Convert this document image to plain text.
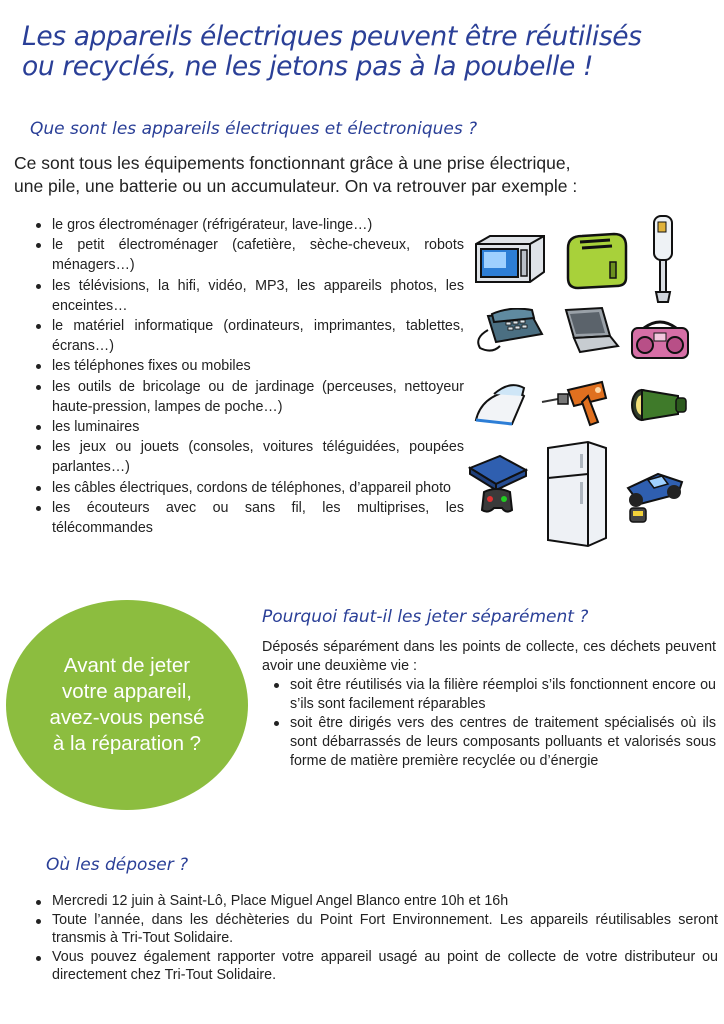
Les appareils électriques peuvent être réutilisés
ou recyclés, ne les jetons pas à la poubelle !
Que sont les appareils électriques et électroniques ?
Ce sont tous les équipements fonctionnant grâce à une prise électrique,
une pile, une batterie ou un accumulateur. On va retrouver par exemple :
le gros électroménager (réfrigérateur, lave-linge…)
le petit électroménager (cafetière, sèche-cheveux, robots ménagers…)
les télévisions, la hifi, vidéo, MP3, les appareils photos, les enceintes…
le matériel informatique (ordinateurs, imprimantes, tablettes, écrans…)
les téléphones fixes ou mobiles
les outils de bricolage ou de jardinage (perceuses, nettoyeur haute-pression, lampes de poche…)
les luminaires
les jeux ou jouets (consoles, voitures téléguidées, poupées parlantes…)
les câbles électriques, cordons de téléphones, d’appareil photo
les écouteurs avec ou sans fil, les multiprises, les télécommandes
Avant de jeter
votre appareil,
avez-vous pensé
à la réparation ?
Pourquoi faut-il les jeter séparément ?
Déposés séparément dans les points de collecte, ces déchets peuvent avoir une deuxième vie :
soit être réutilisés via la filière réemploi s’ils fonctionnent encore ou s’ils sont facilement réparables
soit être dirigés vers des centres de traitement spécialisés où ils sont débarrassés de leurs composants polluants et valorisés sous forme de matière première recyclée ou d’énergie
Où les déposer ?
Mercredi 12 juin à Saint-Lô, Place Miguel Angel Blanco entre 10h et 16h
Toute l’année, dans les déchèteries du Point Fort Environnement. Les appareils réutilisables seront transmis à Tri-Tout Solidaire.
Vous pouvez également rapporter votre appareil usagé au point de collecte de votre distributeur ou directement chez Tri-Tout Solidaire.
